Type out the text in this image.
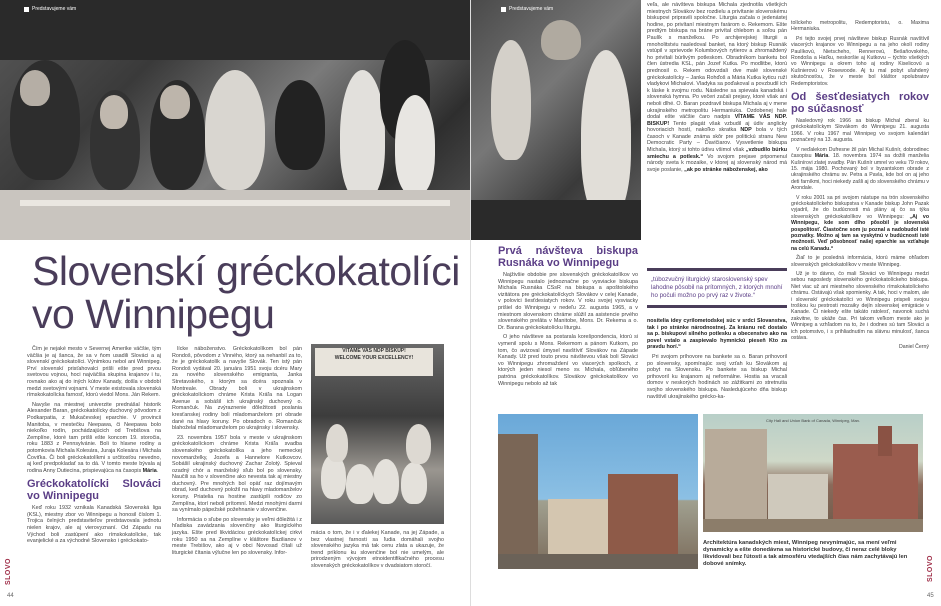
Predstavujeme vám
Slovenskí gréckokatolíci
vo Winnipegu

Čím je nejaké mesto v Severnej Amerike väčšie, tým väčšia je aj šanca, že sa v ňom usadili Slováci a aj slovenskí gréckokatolíci. Výnimkou nebol ani Winnipeg. Prví slovenskí prisťahovalci prišli ešte pred prvou svetovou vojnou, hoci najväčšia skupina krajanov i tu, rovnako ako aj do iných kútov Kanady, došla v období medzi svetovými vojnami. V meste existovala slovenská rímskokatolícka farnosť, ktorú viedol Mons. Ján Rekem.

Navyše na miestnej univerzite prednášal historik Alexander Baran, gréckokatolícky duchovný pôvodom z Podkarpatia, z Mukačevskej eparchie. V provincii Manitoba, v mestečku Neepawa, či Neepawa bolo niekoľko rodín, pochádzajúcich od Trebišova na Zemplíne, ktoré tam prišli ešte koncom 19. storočia, roku 1883 z Pennsylvánie. Boli to hlavne rodiny a potomkovia Michala Kolesára, Juraja Kolesára i Michala Čoviťka. Či boli gréckokatolíkmi s určitosťou nevedno, aj keď predpokladať sa to dá. V tomto meste bývala aj rodina Anny Dutiecina, prispievajúca na časopis Mária.

Gréckokatolícki Slováci vo Winnipegu

Keď roku 1932 vznikala Kanadská Slovenská liga (KSL), miestny zbor vo Winnipegu a honosil číslom 1. Trojica čelných predstaviteľov predstavovala jednotu nielen krajov, ale aj vierovyznaní. Od Západu na Východ boli zastúpení ako rímskokatolícke, tak evanjelické a za východné Slovensko i gréckokato-

lícke náboženstvo. Gréckokatolíkom bol pán Rondoš, pôvodom z Vinného, ktorý sa nehanbil za to, že je gréckokatolík a navyše Slovák. Ten istý pán Rondoš vydával 20. januára 1951 svoju dcéru Mary za nového slovenského emigranta, Janka Stretavského, s ktorým sa dcéra spoznala v Montreale. Obrady boli v ukrajinskom gréckokatolíckom chráme Krista Kráľa na Logan Avenue a sobášil ich ukrajinský duchovný o. Romančuk. Na zvýraznenie dôležitosti poslania kresťanskej rodiny boli mladomanželom pri obrade dané na hlavy koruny. Po obradoch o. Romančuk blahoželal mladomanželom po ukrajinsky i slovensky.

23. novembra 1957 bola v meste v ukrajinskom gréckokatolíckom chráme Krista Kráľa svadba slovenského gréckokatolíka a jeho nemeckej novomanželky, Jozefa a Hannelore Kutkovcov. Sobášil ukrajinský duchovný Zachar Zolotý. Spieval ozadný chór a manželský sľub bol po slovensky. Naučili sa ho v slovenčine ako nevesta tak aj miestny duchovný. Pre mnohých bol opäť raz dojímavým obrad, keď duchovný položil na hlavy mladomanželov koruny. Priatelia na hostine zastúpili rodičov zo Zemplína, ktorí neboli prítomní. Medzi mnohými darmi sa vynímalo pápežské požehnanie v slovenčine.

Informácia o sľube po slovensky je veľmi dôležitá i z hľadiska zavádzania slovenčiny ako liturgického jazyka. Ešte pred likvidáciou gréckokatolíckej cirkvi roku 1950 sa na Zemplíne v kláštore Bazilianov v meste Trebišov, ako aj v obci Novosad čítali už liturgické čítania výlučne len po slovensky. Infor-

VITAME VAS NDP BISKUP!
WELCOME YOUR EXCELLENCY!

mácia o tom, že i v ďalekej Kanade, na jej Západe, a bez vlastnej farnosti sa ľudia domáhali svojho slovenského jazyka má tak cenu zlata a ukazuje, že trend príklonu ku slovenčine bol nie umelým, ale prirodzeným vývojom etnoidentifikačného procesu slovenských gréckokatolíkov v dvadsiatom storočí.

SLOVO
44
Predstavujeme vám
Prvá návšteva biskupa Rusnáka vo Winnipegu

Najživšie obdobie pre slovenských gréckokatolíkov vo Winnipegu nastalo jednoznačne po vysviacke biskupa Michala Rusnáka CSsR na biskupa a apoštolského vizitátora pre gréckokatolíckych Slovákov v celej Kanade, v polovici šesťdesiatych rokov. V roku svojej vysviacky prišiel do Winnipegu v nedeľu 22. augusta 1965, a v miestnom slovenskom chráme slúžil za asistencie prvého slovenského prelāta v Manitobe, Mons. Dr. Rekema a o. Dr. Barana gréckokatolícku liturgiu.

O jeho návšteve sa postarala korešpondencia, ktorú si vymenil spolu s Mons. Rekemom a pánom Kutkom, po tom, čo avizoval úmysel navštíviť Slovákov na Západe Kanady. Už pred touto prvou návštevou však boli Slováci vo Winnipegu zhromaždení vo viacerých spolkoch, z ktorých jeden niesol meno sv. Michala, obľúbeného patróna gréckokatolíkov. Slovákov gréckokatolíkov vo Winnipegu nebolo až tak

veľa, ale návšteva biskupa Michala zjednotila všetkých miestnych Slovákov bez rozdielu a privítanie slovenskému biskupovi pripravili spoločne. Liturgia začala o jedenástej hodine, po privítaní miestnym farárom o. Rekemom. Ešte predtým biskupa na bráne privítal chlebom a soľou pán Paulík s manželkou. Po archijerejskej liturgii a mnoholitstviu nasledoval banket, na ktorý biskup Rusnák vstúpil v sprievode Kolumbových rytierov a zhromaždený ho privítali búrlivým potleskom. Obradníkom banketu bol člen ústredia KSL, pán Jozef Kutka. Po modlitbe, ktorú prednosil o. Rekem odovzdali dve malé slovenské gréckokatolícky – Janka Rohďoš a Mária Kutka kyticu ruží vladykovi Michalovi. Vladyka sa poďakoval a povzbudil ich k láske k svojmu rodu. Následne sa spievala kanadská i slovenská hymna. Po večeri začali prejavy, ktoré však ani neboli dlhé. O. Baran pozdravil biskupa Michala aj v mene ukrajinského metropolitu Hermaniuka. Ozdobenej hale dodal ešte väčšie čaro nadpis VÍTAME VÁS NDP. BISKUP! Tento plagát však vzbudil aj údiv anglicky hovoriacich hostí, nakoľko skratka NDP bola v tých časoch v Kanade známa skôr pre politickú stranu New Democratic Party – Ďavičiarov. Vysvetlenie biskupa Michala, ktorý si tohto údivu všimol však „vzbudilo búrku smiechu a potlesk.“ Vo svojom prejave pripomenul národy sveta k mozaike, v ktorej aj slovenský národ má svoje poslanie, „ak po stránke náboženskej, ako

„túbozvučný liturgický staroslovenský spev lahodne pôsobil na prítomných, z ktorých mnohí ho počuli možno po prvý raz v živote.“

nositelia idey cyrilometodskej súc v srdci Slovanstva, tak i po stránke národnostnej. Za krásnu reč dostalo sa p. biskupovi silného potlesku a obecenstvo ako na povel vstalo a zaspievalo hymnickú pieseň Kto za pravdu horí.“

Pri svojom príhovore na bankete sa o. Baran prihovoril po slovensky, spomínajúc svoj vzťah ku Slovákom aj pobyt na Slovensku. Po bankete sa biskup Michal prihovoril ku krajanom aj neformálne. Hostia sa vracali domov v neskorých hodinách so zážitkami zo stretnutia svojho slovenského biskupa. Nasledujúceho dňa biskup navštívil ukrajinského grécko-ka-

tolíckeho metropolitu, Redemptoristu, o. Maxima Hermaniuka.

Pri tejto svojej prvej návšteve biskup Rusnák navštívil viacerých krajanov vo Winnipegu a na jeho okolí rodiny Paulíkovú, Nietscheho, Rennerovú, Bešaňovského, Rondoša a Haťku, neskoršie aj Kutkovu – týchto všetkých vo Winnipegu a okrem toho aj rodiny Kiselicovú a Kušnierovú v Rosewoode. Aj tu mal pobyt uľahdený skutočnosťou, že v meste bol kláštor spolubratov Redemptoristov.

Od šesťdesiatych rokov po súčasnosť

Nasledovný rok 1966 sa biskup Michal zberal ku gréckokatolíckym Slovákom do Winnipegu 21. augusta 1966. V roku 1967 mal Winnipeg vo svojom kalendári poznačený na 13. augusta.

V neďalekom Dufresne žil pán Michal Kušnír, dobrodinec časopisu Mária. 18. novembra 1974 sa dožili manželia Kušnírovi zlatej svadby. Pán Kušnír umrel vo veku 79 rokov, 15. mája 1980. Pochovaný bol v byzantskom obrade z ukrajinského chrámu sv. Petra a Pavla, kde bol on aj jeho deti farníkmi, hoci niekedy zašli aj do slovenského chrámu v Arondale.

V roku 2001 sa pri svojom nástupe na trón slovenského gréckokatolíckeho biskupstva v Kanade biskup John Pazak vyjadril, že do budúcnosti má plány aj čo sa týka slovenských gréckokatolíkov vo Winnipegu: „Aj vo Winnipegu, kde som dlho pôsobil je slovenská pospolitosť. Čiastočne som ju poznal a nadobudol isté poznatky. Možno aj tam sa vyskytnú v budúcnosti isté možnosti. Veď pôsobnosť našej eparchie sa vzťahuje na celú Kanadu.“

Žiaľ to je posledná informácia, ktorú máme ohľadom slovenských gréckokatolíkov v meste Winnipeg.

Už je to dávno, čo mali Slováci vo Winnipegu medzi sebou naposledy slovenského gréckokatolíckeho biskupa. Niet viac už ani miestneho slovenského rímskokatolíckeho chrámu. Ostávajú však spomienky. A tak, hoci v malom, ale i slovenskí gréckokatolíci vo Winnipegu prispeli svojou troškou ku pestrosti mozaiky dejín slovenskej emigrácie v Kanade. Či niekedy ešte takáto ratolesť, navonok suchá zakvitne, to ukáže čas. Pri takom veľkom meste ako je Winnipeg a vzhľadom na to, že i dodnes sú tam Slováci a ich potomstvo, i s prihliadnutím na slávnu minulosť, šanca ostáva.

Daniel Černý
City Hall and Union Bank of Canada, Winnipeg, Man.
Architektúra kanadských miest, Winnipeg nevynímajúc, sa mení veľmi dynamicky a ešte donedávna sa historické budovy, či neraz celé bloky likvidovali bez ľútosti a tak atmosféru vtedajších čias nám zachytávajú len dobové snímky.	SLOVO
45
